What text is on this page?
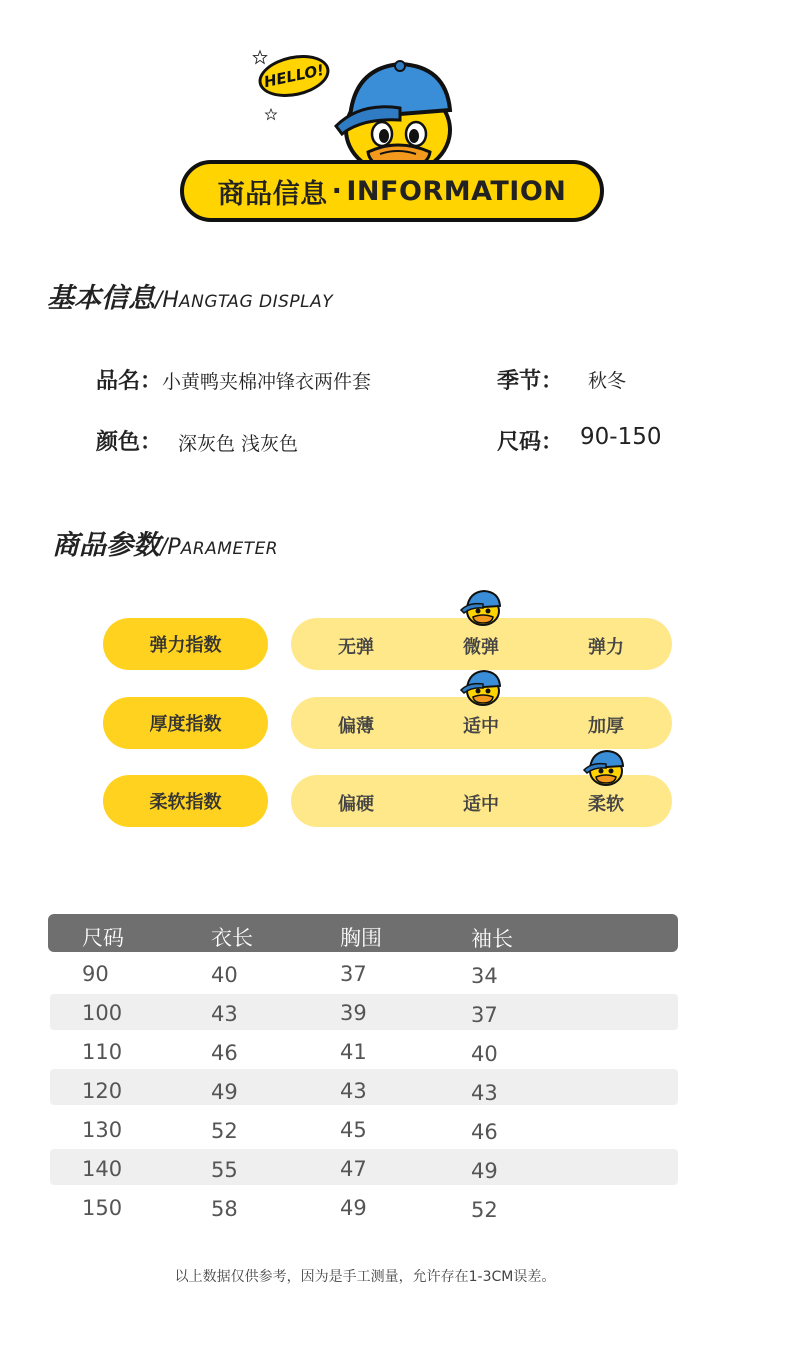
HELLO!
商品信息 · INFORMATION
基本信息/HANGTAG DISPLAY
品名： 小黄鸭夹棉冲锋衣两件套	季节： 秋冬
颜色： 深灰色 浅灰色	尺码： 90-150
商品参数/PARAMETER
弹力指数	无弹	微弹	弹力
厚度指数	偏薄	适中	加厚
柔软指数	偏硬	适中	柔软
尺码	衣长	胸围	袖长
90	40	37	34
100	43	39	37
110	46	41	40
120	49	43	43
130	52	45	46
140	55	47	49
150	58	49	52
以上数据仅供参考，因为是手工测量，允许存在1-3CM误差。
